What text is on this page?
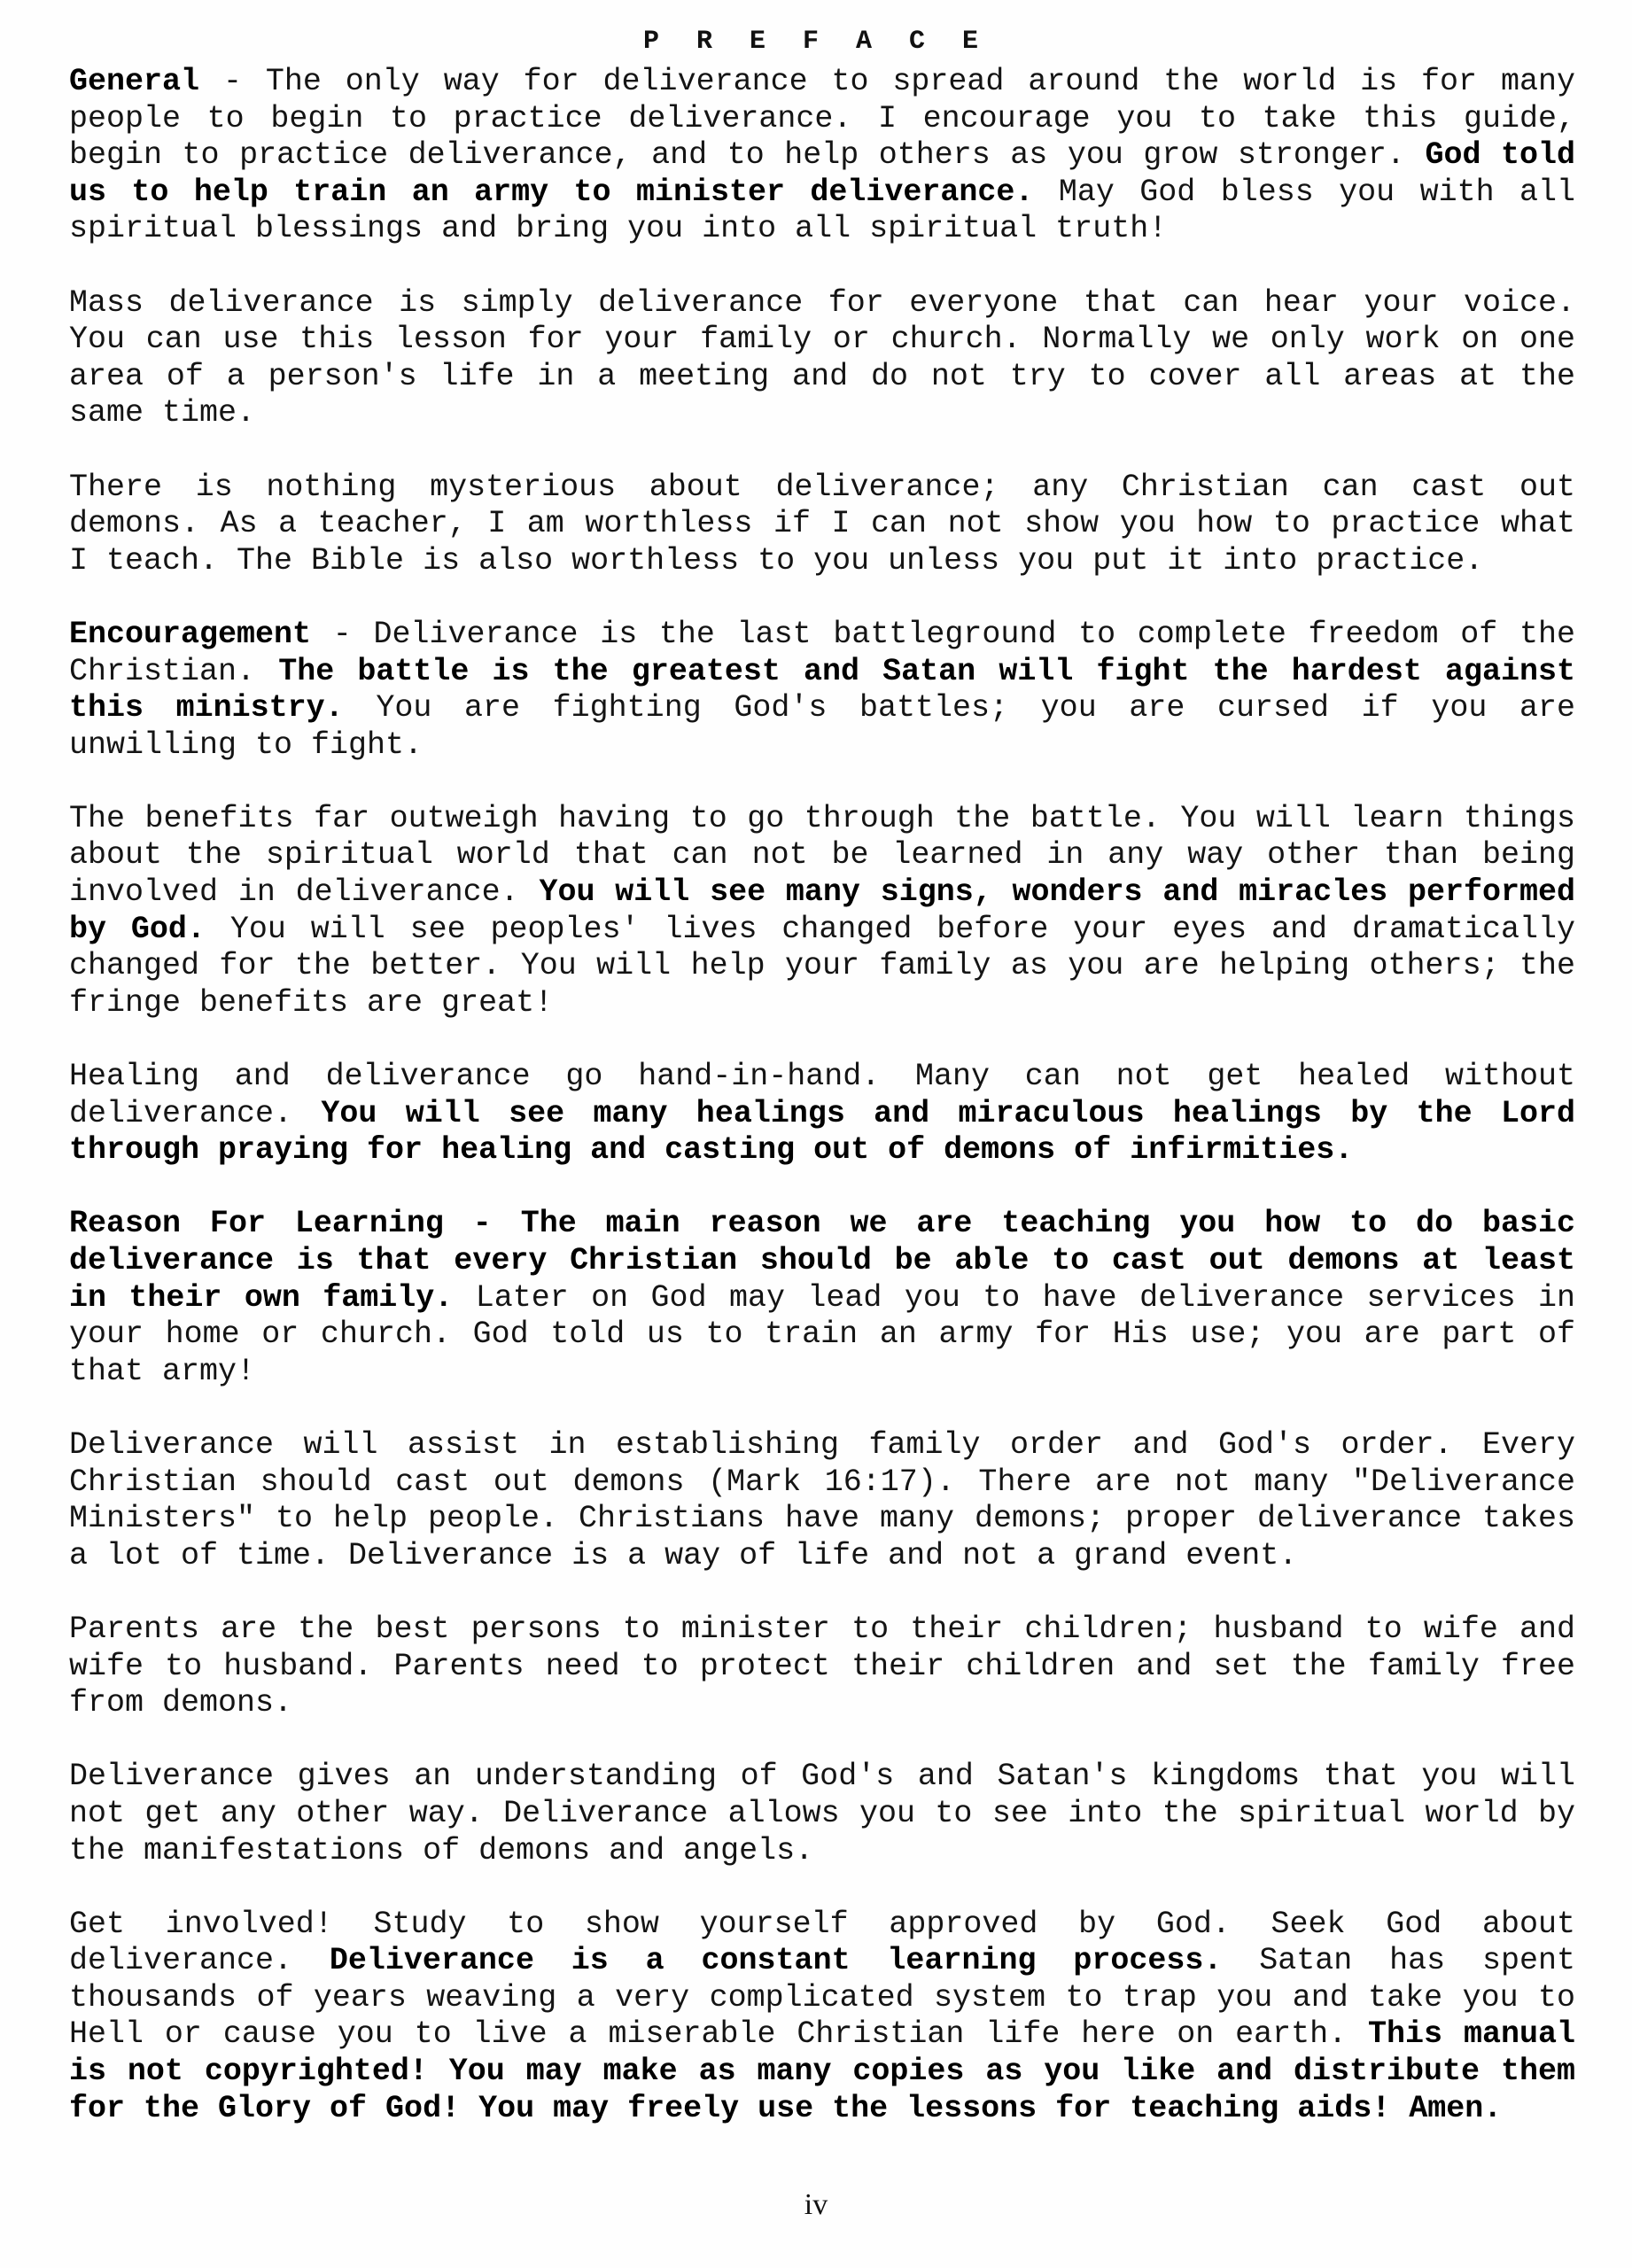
P R E F A C E

General - The only way for deliverance to spread around the world is for many people to begin to practice deliverance. I encourage you to take this guide, begin to practice deliverance, and to help others as you grow stronger. God told us to help train an army to minister deliverance. May God bless you with all spiritual blessings and bring you into all spiritual truth!

Mass deliverance is simply deliverance for everyone that can hear your voice. You can use this lesson for your family or church. Normally we only work on one area of a person's life in a meeting and do not try to cover all areas at the same time.

There is nothing mysterious about deliverance; any Christian can cast out demons. As a teacher, I am worthless if I can not show you how to practice what I teach. The Bible is also worthless to you unless you put it into practice.

Encouragement - Deliverance is the last battleground to complete freedom of the Christian. The battle is the greatest and Satan will fight the hardest against this ministry. You are fighting God's battles; you are cursed if you are unwilling to fight.

The benefits far outweigh having to go through the battle. You will learn things about the spiritual world that can not be learned in any way other than being involved in deliverance. You will see many signs, wonders and miracles performed by God. You will see peoples' lives changed before your eyes and dramatically changed for the better. You will help your family as you are helping others; the fringe benefits are great!

Healing and deliverance go hand-in-hand. Many can not get healed without deliverance. You will see many healings and miraculous healings by the Lord through praying for healing and casting out of demons of infirmities.

Reason For Learning - The main reason we are teaching you how to do basic deliverance is that every Christian should be able to cast out demons at least in their own family. Later on God may lead you to have deliverance services in your home or church. God told us to train an army for His use; you are part of that army!

Deliverance will assist in establishing family order and God's order. Every Christian should cast out demons (Mark 16:17). There are not many "Deliverance Ministers" to help people. Christians have many demons; proper deliverance takes a lot of time. Deliverance is a way of life and not a grand event.

Parents are the best persons to minister to their children; husband to wife and wife to husband. Parents need to protect their children and set the family free from demons.

Deliverance gives an understanding of God's and Satan's kingdoms that you will not get any other way. Deliverance allows you to see into the spiritual world by the manifestations of demons and angels.

Get involved! Study to show yourself approved by God. Seek God about deliverance. Deliverance is a constant learning process. Satan has spent thousands of years weaving a very complicated system to trap you and take you to Hell or cause you to live a miserable Christian life here on earth. This manual is not copyrighted! You may make as many copies as you like and distribute them for the Glory of God! You may freely use the lessons for teaching aids! Amen.

iv
